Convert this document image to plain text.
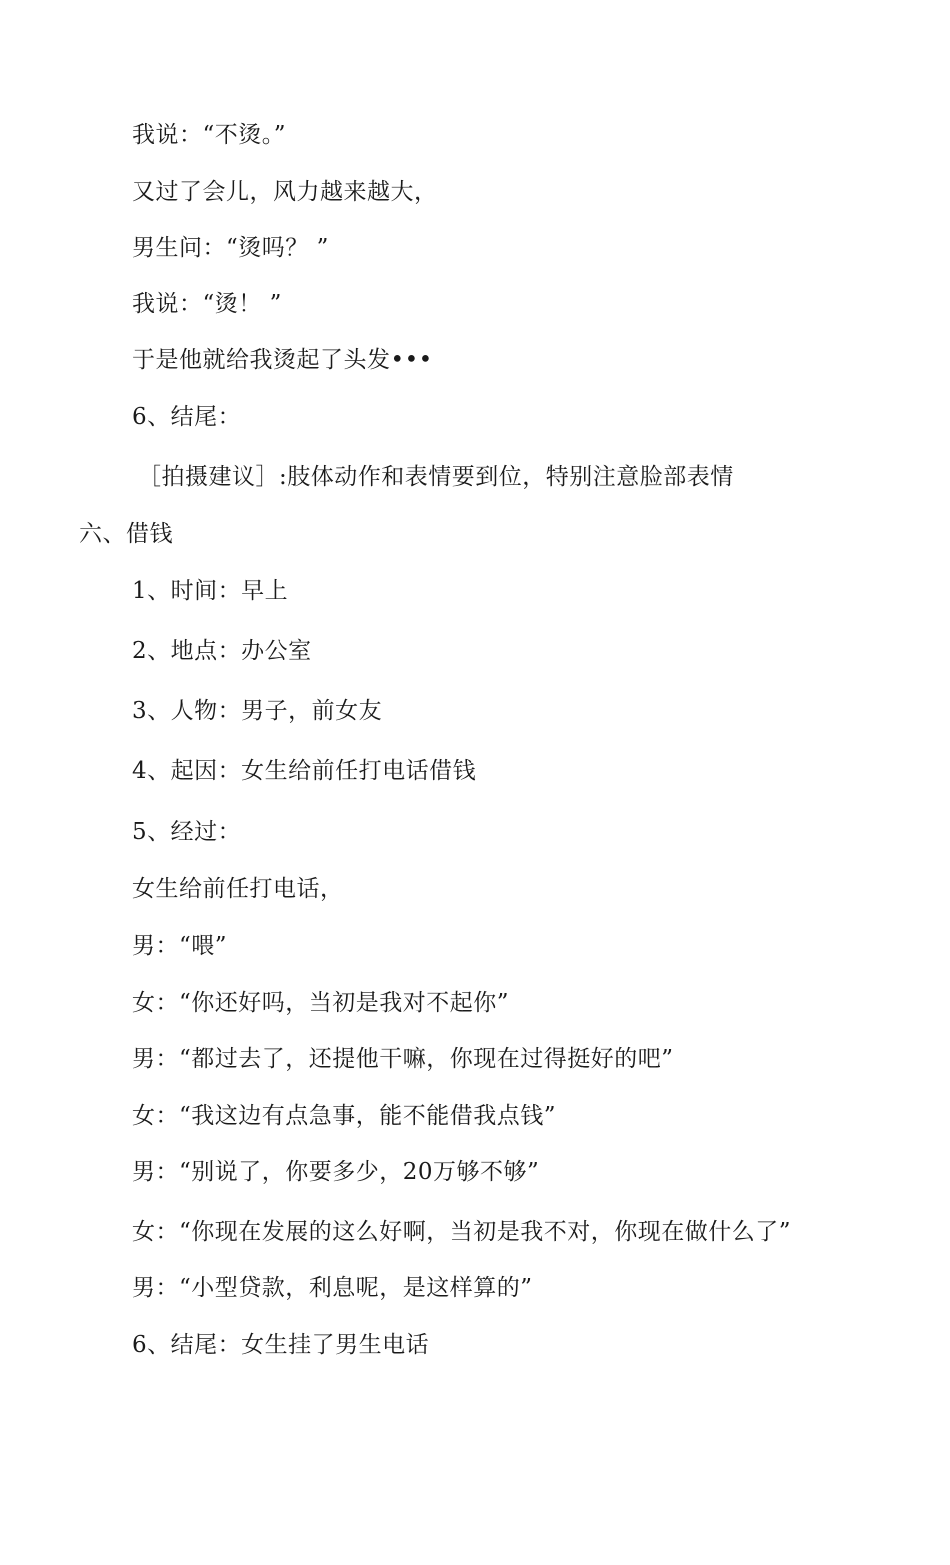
我说：“不烫。”
又过了会儿，风力越来越大，
男生问：“烫吗？ ”
我说：“烫！ ”
于是他就给我烫起了头发•••
6、结尾：
［拍摄建议］:肢体动作和表情要到位，特别注意脸部表情
六、借钱
1、时间：早上
2、地点：办公室
3、人物：男子，前女友
4、起因：女生给前任打电话借钱
5、经过：
女生给前任打电话，
男：“喂”
女：“你还好吗，当初是我对不起你”
男：“都过去了，还提他干嘛，你现在过得挺好的吧”
女：“我这边有点急事，能不能借我点钱”
男：“别说了，你要多少，20万够不够”
女：“你现在发展的这么好啊，当初是我不对，你现在做什么了”
男：“小型贷款，利息呢，是这样算的”
6、结尾：女生挂了男生电话
